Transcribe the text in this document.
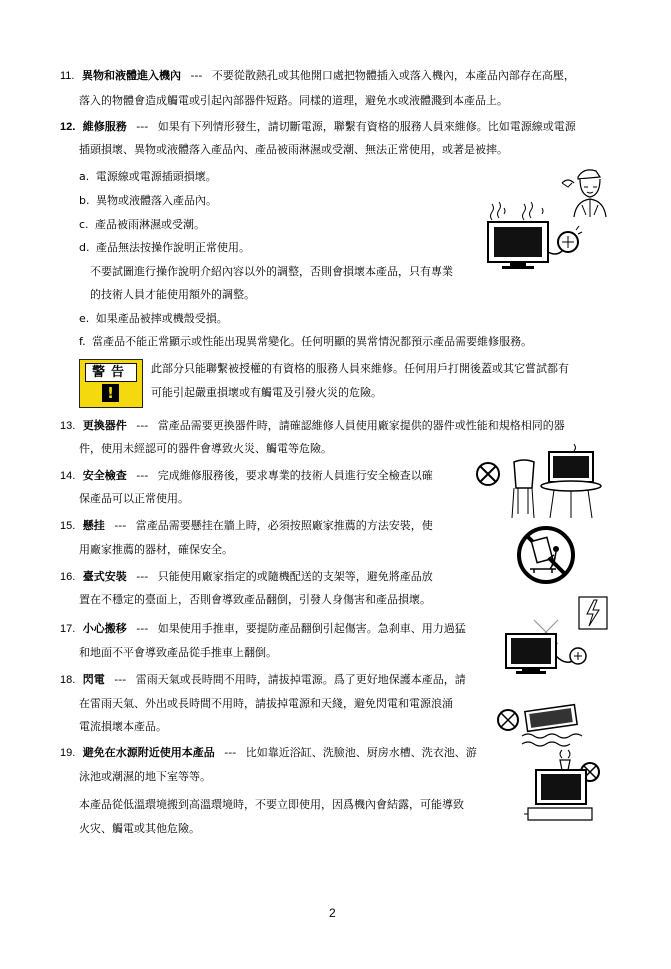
11. 異物和液體進入機內 --- 不要從散熱孔或其他開口處把物體插入或落入機內，本產品內部存在高壓，
落入的物體會造成觸電或引起內部器件短路。同樣的道理，避免水或液體濺到本產品上。
12. 維修服務 --- 如果有下列情形發生，請切斷電源，聯繫有資格的服務人員來維修。比如電源線或電源
插頭損壞、異物或液體落入產品內、產品被雨淋濕或受潮、無法正常使用，或著是被摔。
a. 電源線或電源插頭損壞。
b. 異物或液體落入產品內。
c. 產品被雨淋濕或受潮。
d. 產品無法按操作說明正常使用。
不要試圖進行操作說明介紹內容以外的調整，否則會損壞本產品，只有專業
的技術人員才能使用額外的調整。
e. 如果產品被摔或機殼受損。
f. 當產品不能正常顯示或性能出現異常變化。任何明顯的異常情況都預示產品需要維修服務。
警告
!
此部分只能聯繫被授權的有資格的服務人員來維修。任何用戶打開後蓋或其它嘗試都有
可能引起嚴重損壞或有觸電及引發火災的危險。
13. 更換器件 --- 當產品需要更換器件時，請確認維修人員使用廠家提供的器件或性能和規格相同的器
件，使用未經認可的器件會導致火災、觸電等危險。
14. 安全檢查 --- 完成維修服務後，要求專業的技術人員進行安全檢查以確
保產品可以正常使用。
15. 懸挂 --- 當產品需要懸挂在牆上時，必須按照廠家推薦的方法安裝，使
用廠家推薦的器材，確保安全。
16. 臺式安裝 --- 只能使用廠家指定的或隨機配送的支架等，避免將產品放
置在不穩定的臺面上，否則會導致產品翻倒，引發人身傷害和產品損壞。
17. 小心搬移 --- 如果使用手推車，要提防產品翻倒引起傷害。急刹車、用力過猛
和地面不平會導致產品從手推車上翻倒。
18. 閃電 --- 雷雨天氣或長時間不用時，請拔掉電源。爲了更好地保護本產品，請
在雷雨天氣、外出或長時間不用時，請拔掉電源和天綫，避免閃電和電源浪涌
電流損壞本產品。
19. 避免在水源附近使用本產品 --- 比如靠近浴缸、洗臉池、厨房水槽、洗衣池、游
泳池或潮濕的地下室等等。
本產品從低溫環境搬到高溫環境時，不要立即使用，因爲機內會結露，可能導致
火灾、觸電或其他危險。
2
